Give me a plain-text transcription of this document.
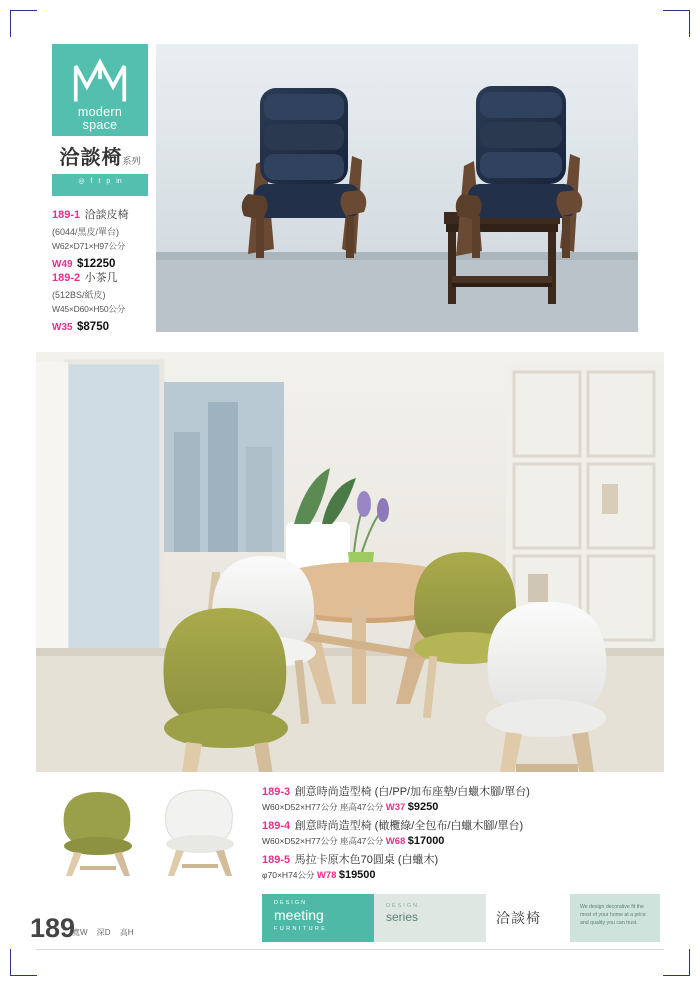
modern
space
洽談椅系列
◎ f t p in
189-1 洽談皮椅
(6044/黑皮/單台)
W62×D71×H97公分
W49 $12250
189-2 小茶几
(512BS/紙皮)
W45×D60×H50公分
W35 $8750
189-3 創意時尚造型椅 (白/PP/加布座墊/白蠟木腳/單台)
W60×D52×H77公分 座高47公分 W37 $9250
189-4 創意時尚造型椅 (橄欖綠/全包布/白蠟木腳/單台)
W60×D52×H77公分 座高47公分 W68 $17000
189-5 馬拉卡原木色70圓桌 (白蠟木)
φ70×H74公分 W78 $19500
189
寬W 深D 高H
DESIGN
meeting
FURNITURE
DESIGN
series	洽談椅
We design decorative fit the most of your home at a price and quality you can trust.
